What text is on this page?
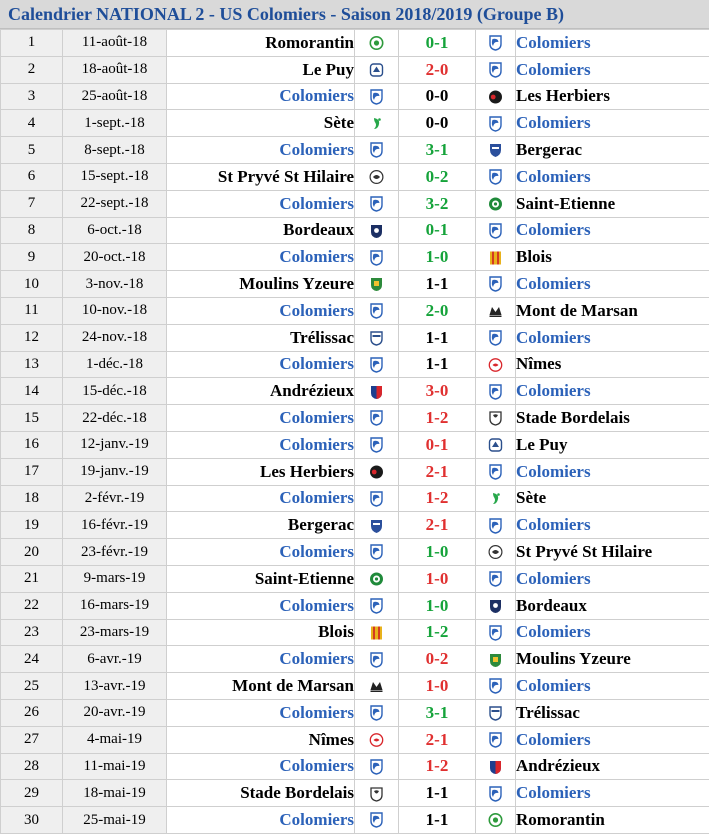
Calendrier NATIONAL 2 - US Colomiers - Saison 2018/2019 (Groupe B)
1	11-août-18	Romorantin		0-1		Colomiers
2	18-août-18	Le Puy		2-0		Colomiers
3	25-août-18	Colomiers		0-0		Les Herbiers
4	1-sept.-18	Sète		0-0		Colomiers
5	8-sept.-18	Colomiers		3-1		Bergerac
6	15-sept.-18	St Pryvé St Hilaire		0-2		Colomiers
7	22-sept.-18	Colomiers		3-2		Saint-Etienne
8	6-oct.-18	Bordeaux		0-1		Colomiers
9	20-oct.-18	Colomiers		1-0		Blois
10	3-nov.-18	Moulins Yzeure		1-1		Colomiers
11	10-nov.-18	Colomiers		2-0		Mont de Marsan
12	24-nov.-18	Trélissac		1-1		Colomiers
13	1-déc.-18	Colomiers		1-1		Nîmes
14	15-déc.-18	Andrézieux		3-0		Colomiers
15	22-déc.-18	Colomiers		1-2		Stade Bordelais
16	12-janv.-19	Colomiers		0-1		Le Puy
17	19-janv.-19	Les Herbiers		2-1		Colomiers
18	2-févr.-19	Colomiers		1-2		Sète
19	16-févr.-19	Bergerac		2-1		Colomiers
20	23-févr.-19	Colomiers		1-0		St Pryvé St Hilaire
21	9-mars-19	Saint-Etienne		1-0		Colomiers
22	16-mars-19	Colomiers		1-0		Bordeaux
23	23-mars-19	Blois		1-2		Colomiers
24	6-avr.-19	Colomiers		0-2		Moulins Yzeure
25	13-avr.-19	Mont de Marsan		1-0		Colomiers
26	20-avr.-19	Colomiers		3-1		Trélissac
27	4-mai-19	Nîmes		2-1		Colomiers
28	11-mai-19	Colomiers		1-2		Andrézieux
29	18-mai-19	Stade Bordelais		1-1		Colomiers
30	25-mai-19	Colomiers		1-1		Romorantin
